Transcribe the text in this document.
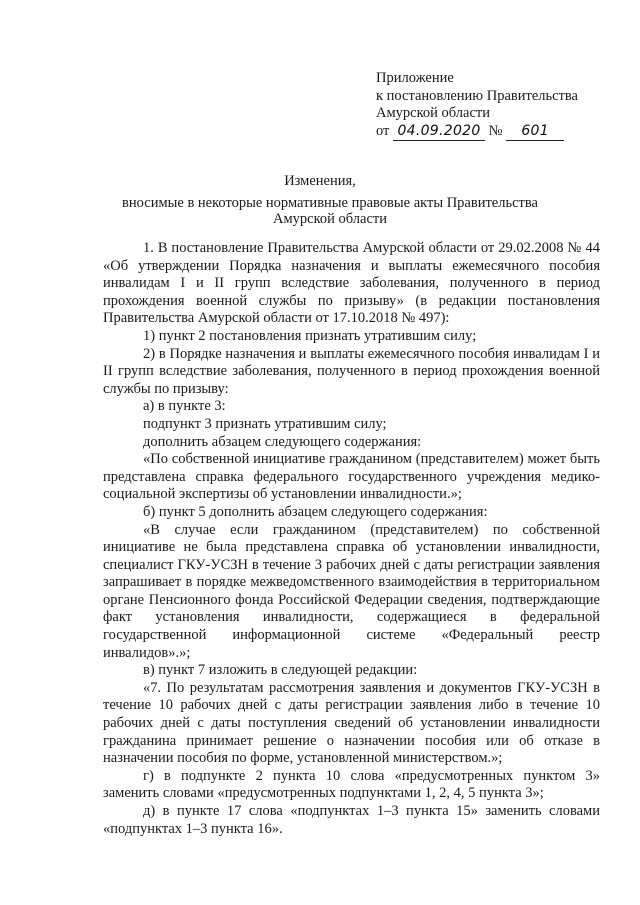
Приложение
к постановлению Правительства
Амурской области
от 04.09.2020 № 601
Изменения,
вносимые в некоторые нормативные правовые акты Правительства
Амурской области

1. В постановление Правительства Амурской области от 29.02.2008 № 44 «Об утверждении Порядка назначения и выплаты ежемесячного пособия инвалидам I и II групп вследствие заболевания, полученного в период прохождения военной службы по призыву» (в редакции постановления Правительства Амурской области от 17.10.2018 № 497):

1) пункт 2 постановления признать утратившим силу;

2) в Порядке назначения и выплаты ежемесячного пособия инвалидам I и II групп вследствие заболевания, полученного в период прохождения военной службы по призыву:

а) в пункте 3:

подпункт 3 признать утратившим силу;

дополнить абзацем следующего содержания:

«По собственной инициативе гражданином (представителем) может быть представлена справка федерального государственного учреждения медико-социальной экспертизы об установлении инвалидности.»;

б) пункт 5 дополнить абзацем следующего содержания:

«В случае если гражданином (представителем) по собственной инициативе не была представлена справка об установлении инвалидности, специалист ГКУ-УСЗН в течение 3 рабочих дней с даты регистрации заявления запрашивает в порядке межведомственного взаимодействия в территориальном органе Пенсионного фонда Российской Федерации сведения, подтверждающие факт установления инвалидности, содержащиеся в федеральной государственной информационной системе «Федеральный реестр инвалидов».»;

в) пункт 7 изложить в следующей редакции:

«7. По результатам рассмотрения заявления и документов ГКУ-УСЗН в течение 10 рабочих дней с даты регистрации заявления либо в течение 10 рабочих дней с даты поступления сведений об установлении инвалидности гражданина принимает решение о назначении пособия или об отказе в назначении пособия по форме, установленной министерством.»;

г) в подпункте 2 пункта 10 слова «предусмотренных пунктом 3» заменить словами «предусмотренных подпунктами 1, 2, 4, 5 пункта 3»;

д) в пункте 17 слова «подпунктах 1–3 пункта 15» заменить словами «подпунктах 1–3 пункта 16».
